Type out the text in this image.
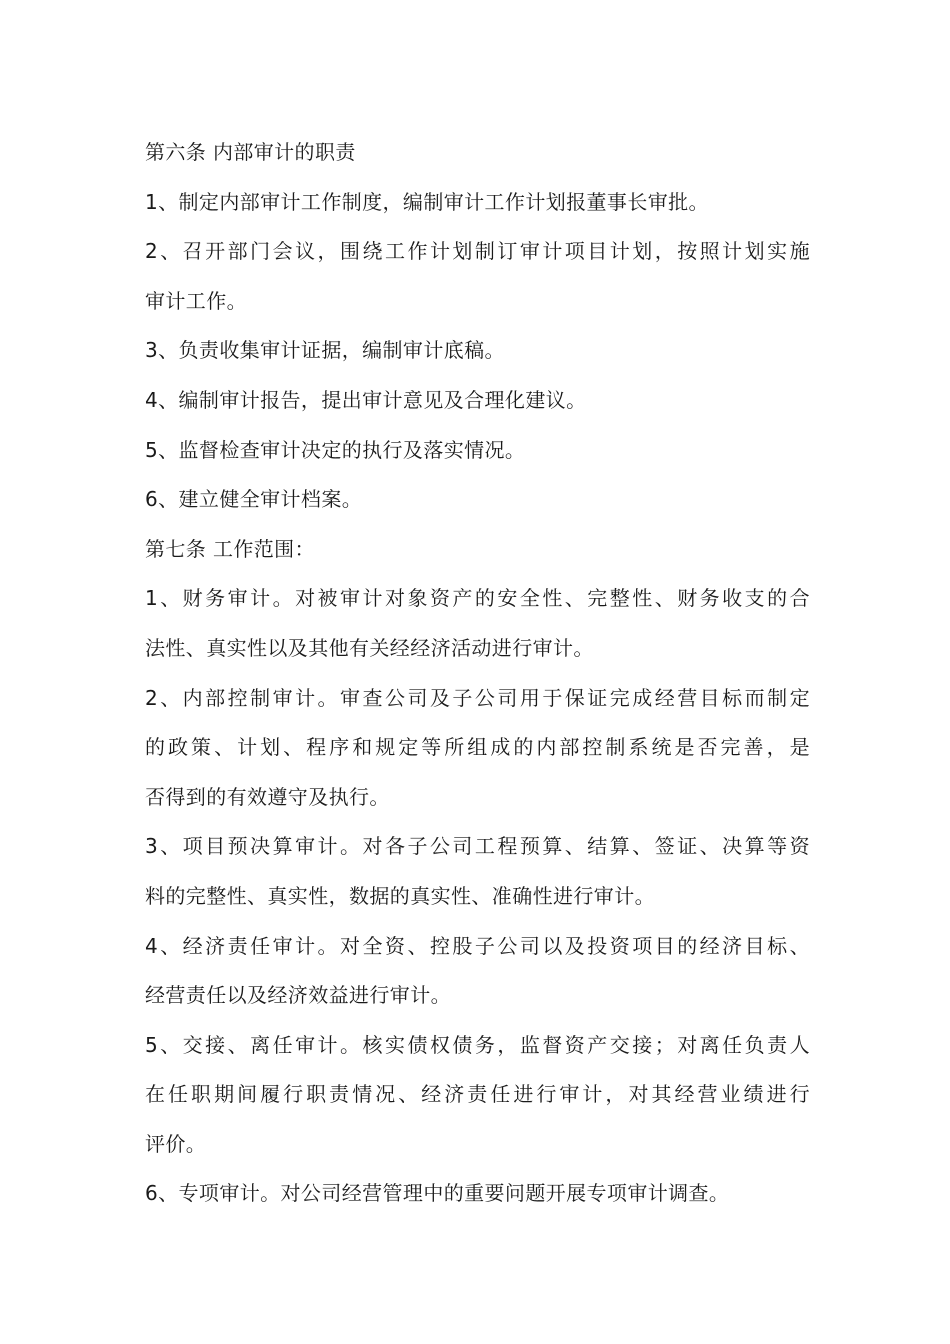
第六条 内部审计的职责
1、制定内部审计工作制度，编制审计工作计划报董事长审批。
2、召开部门会议，围绕工作计划制订审计项目计划，按照计划实施
审计工作。
3、负责收集审计证据，编制审计底稿。
4、编制审计报告，提出审计意见及合理化建议。
5、监督检查审计决定的执行及落实情况。
6、建立健全审计档案。
第七条 工作范围：
1、财务审计。对被审计对象资产的安全性、完整性、财务收支的合
法性、真实性以及其他有关经经济活动进行审计。
2、内部控制审计。审查公司及子公司用于保证完成经营目标而制定
的政策、计划、程序和规定等所组成的内部控制系统是否完善，是
否得到的有效遵守及执行。
3、项目预决算审计。对各子公司工程预算、结算、签证、决算等资
料的完整性、真实性，数据的真实性、准确性进行审计。
4、经济责任审计。对全资、控股子公司以及投资项目的经济目标、
经营责任以及经济效益进行审计。
5、交接、离任审计。核实债权债务，监督资产交接；对离任负责人
在任职期间履行职责情况、经济责任进行审计，对其经营业绩进行
评价。
6、专项审计。对公司经营管理中的重要问题开展专项审计调查。
